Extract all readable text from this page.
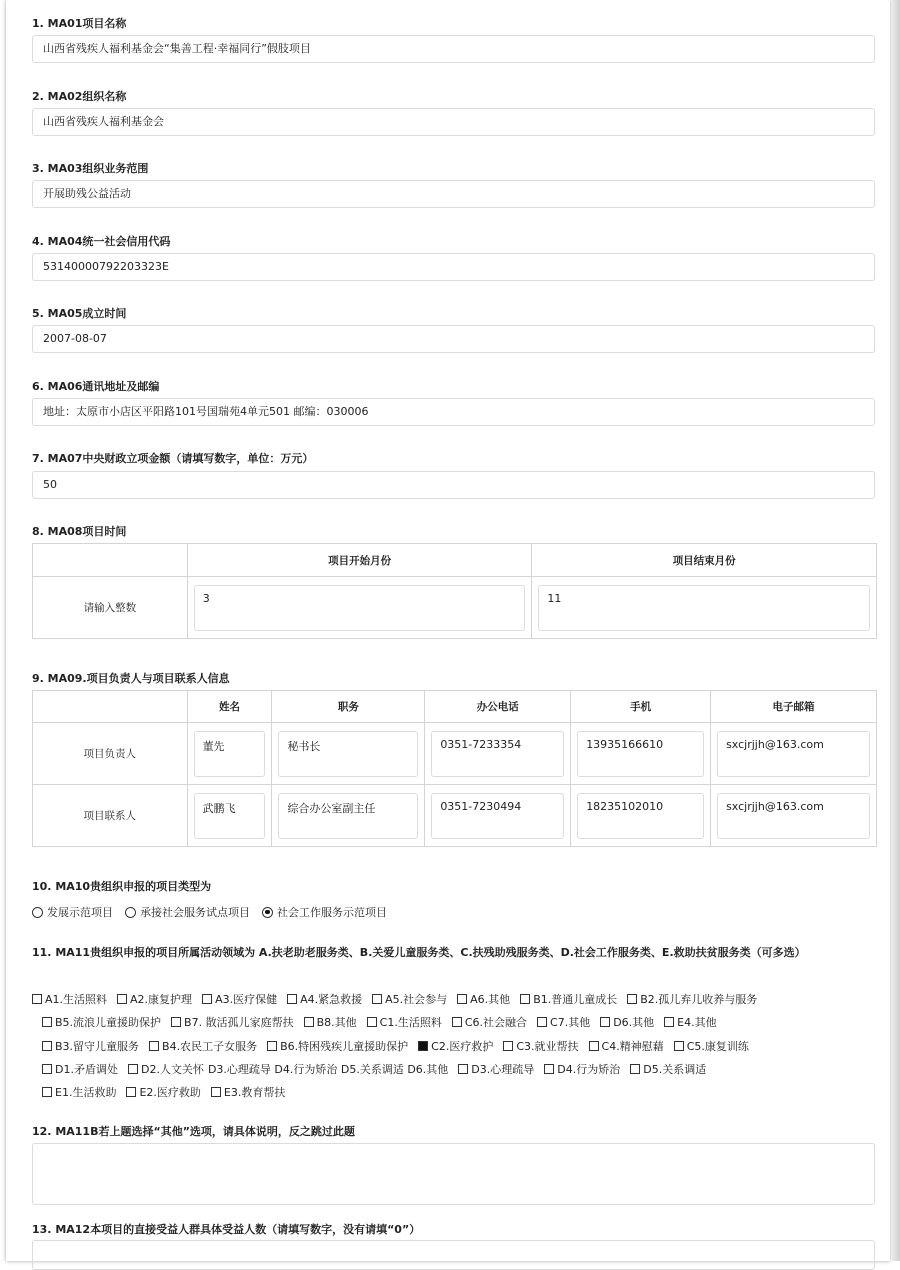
1. MA01项目名称
山西省残疾人福利基金会“集善工程·幸福同行”假肢项目
2. MA02组织名称
山西省残疾人福利基金会
3. MA03组织业务范围
开展助残公益活动
4. MA04统一社会信用代码
53140000792203323E
5. MA05成立时间
2007-08-07
6. MA06通讯地址及邮编
地址：太原市小店区平阳路101号国瑞苑4单元501 邮编：030006
7. MA07中央财政立项金额（请填写数字，单位：万元）
50
8. MA08项目时间
	项目开始月份	项目结束月份
请输入整数	3	11
9. MA09.项目负责人与项目联系人信息
	姓名	职务	办公电话	手机	电子邮箱
项目负责人	董先	秘书长	0351-7233354	13935166610	sxcjrjjh@163.com

项目联系人	武鹏飞	综合办公室副主任	0351-7230494	18235102010	sxcjrjjh@163.com
10. MA10贵组织申报的项目类型为
发展示范项目 承接社会服务试点项目 社会工作服务示范项目
11. MA11贵组织申报的项目所属活动领域为 A.扶老助老服务类、B.关爱儿童服务类、C.扶残助残服务类、D.社会工作服务类、E.救助扶贫服务类（可多选）
A1.生活照料 A2.康复护理 A3.医疗保健 A4.紧急救援 A5.社会参与 A6.其他 B1.普通儿童成长 B2.孤儿弃儿收养与服务
B5.流浪儿童援助保护 B7. 散活孤儿家庭帮扶 B8.其他 C1.生活照料 C6.社会融合 C7.其他 D6.其他 E4.其他
B3.留守儿童服务 B4.农民工子女服务 B6.特困残疾儿童援助保护 C2.医疗救护 C3.就业帮扶 C4.精神慰藉 C5.康复训练
D1.矛盾调处 D2.人文关怀 D3.心理疏导 D4.行为矫治 D5.关系调适 D6.其他 D3.心理疏导 D4.行为矫治 D5.关系调适
E1.生活救助 E2.医疗救助 E3.教育帮扶
12. MA11B若上题选择“其他”选项，请具体说明，反之跳过此题
13. MA12本项目的直接受益人群具体受益人数（请填写数字，没有请填“0”）
